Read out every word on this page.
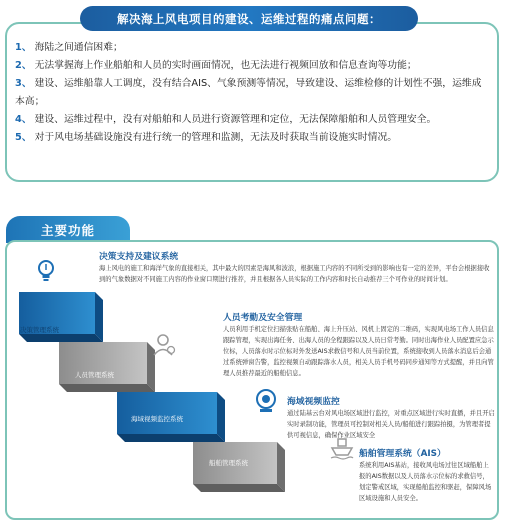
解决海上风电项目的建设、运维过程的痛点问题：
1、 海陆之间通信困难；
2、 无法掌握海上作业船舶和人员的实时画面情况，也无法进行视频回放和信息查询等功能；
3、 建设、运维船靠人工调度，没有结合AIS、气象预测等情况，导致建设、运维检修的计划性不强，运维成本高；
4、 建设、运维过程中，没有对船舶和人员进行资源管理和定位，无法保障船舶和人员管理安全。
5、 对于风电场基础设施没有进行统一的管理和监测，无法及时获取当前设施实时情况。
主要功能
决策管理系统
人员管理系统
海域视频监控系统
船舶管理系统
决策支持及建议系统
海上风电的施工和海洋气象的直接相关，其中最大的因素是海风和波浪，根据施工内容的不同所受到的影响也有一定的差异，平台会根据接收到的气象数据对不同施工内容的作业窗口期进行推荐，并且根据各人员实际的工作内容和时长自动推荐三个可作业的时间计划。
人员考勤及安全管理
人员利用手机定位扫描张贴在船舶、海上升压站、风机上固定的二维码，实现风电场工作人员信息跟踪管理，实现出海任务、出海人员的全程跟踪以及人员日常考勤。同时出海作业人员配置应急示位标，人员落水时示位标对外发送AIS求救信号和人员当前位置，系统接收到人员落水消息后会通过系统弹窗告警，监控视频自动跟踪落水人员，相关人员手机号码同步通知等方式提醒，并且向管理人员推荐最近的船舶信息。
海域视频监控
通过陆基云台对风电场区域进行监控，对重点区域进行实时直播，并且开启实时录制功能，管理员可控制对相关人员/船舶进行跟踪拍摄，为管理者提供可视信息，确保作业区域安全
船舶管理系统（AIS）
系统利用AIS基站，接收风电场过往区域船舶上报的AIS数据以及人员落水示位标的求救信号，划定警戒区域，实现船舶监控和驱赶，保障风场区域设施和人员安全。
